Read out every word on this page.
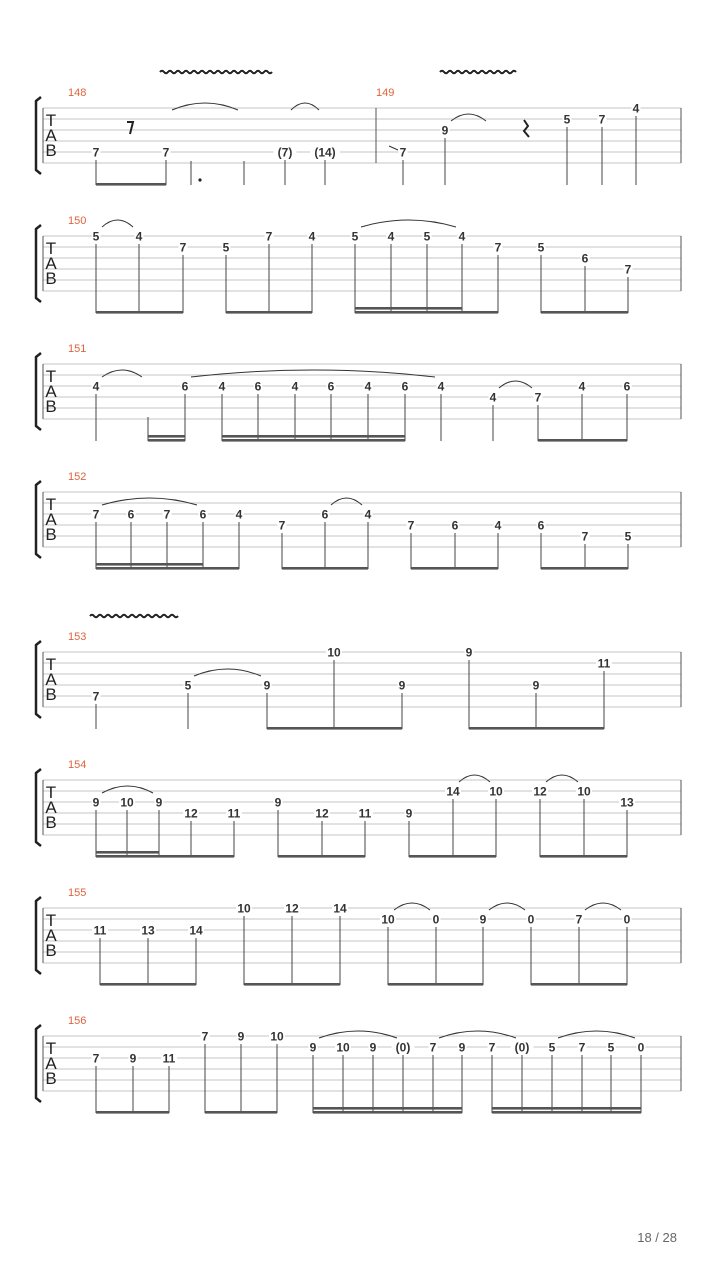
T
A
B
148	149
7	7	(7) (14)	7
9
5 7
4
T
A
B
150
5	4
7	5
7	4	5 4 5 4
7	5
6
7
T
A
B
151
4	6	4 6	4 6	4	6 4
4	7
4	6
T
A
B
152
7 6 7 6 4
7
6	4
7	6	4	6
7	5
T
A
B
153
7
5	9
10
9
9
9
11
T
A
B
154
9 10 9
12 11
9
12 11	9
14 10	12	10
13
T
A
B
155
11	13	14
10	12	14
10	0	9	0	7	0
T
A
B
156
7	9 11
7 9 10
9 10 9 (0) 7 9 7 (0) 5 7 5 0
18 / 28
